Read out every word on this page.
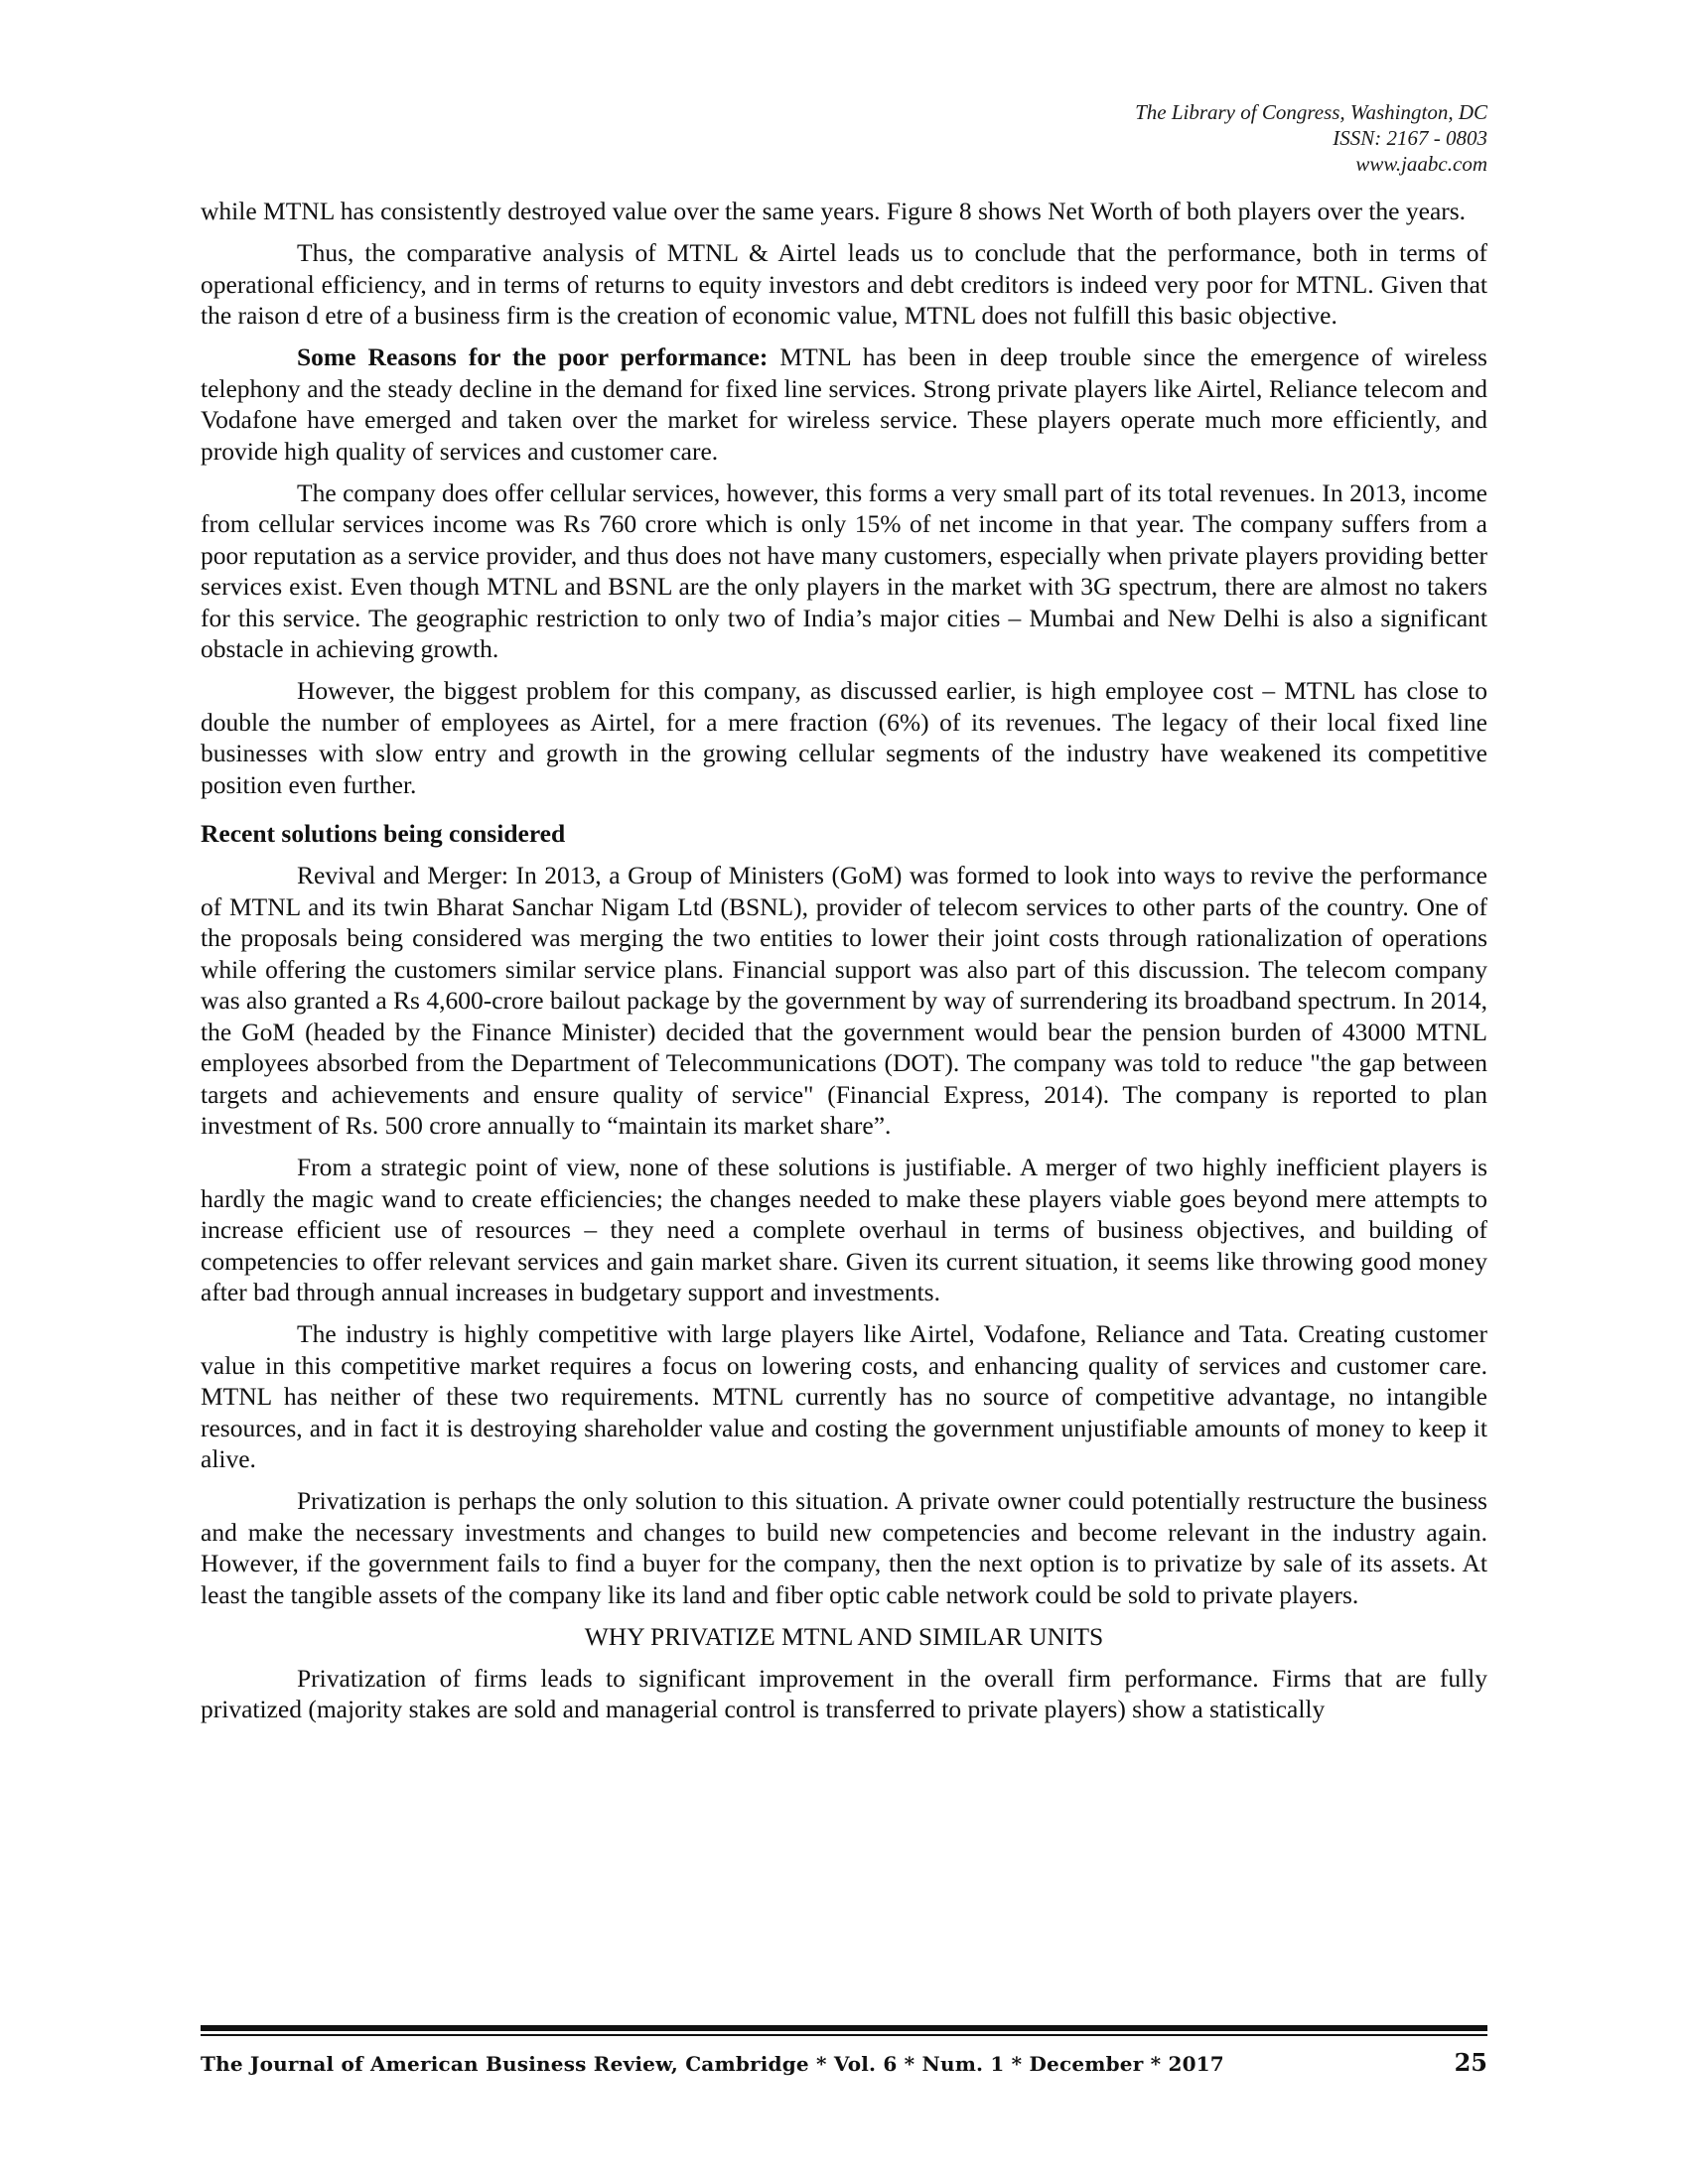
The Library of Congress, Washington, DC
ISSN: 2167 - 0803
www.jaabc.com

while MTNL has consistently destroyed value over the same years. Figure 8 shows Net Worth of both players over the years.

Thus, the comparative analysis of MTNL & Airtel leads us to conclude that the performance, both in terms of operational efficiency, and in terms of returns to equity investors and debt creditors is indeed very poor for MTNL. Given that the raison d etre of a business firm is the creation of economic value, MTNL does not fulfill this basic objective.

Some Reasons for the poor performance: MTNL has been in deep trouble since the emergence of wireless telephony and the steady decline in the demand for fixed line services. Strong private players like Airtel, Reliance telecom and Vodafone have emerged and taken over the market for wireless service. These players operate much more efficiently, and provide high quality of services and customer care.

The company does offer cellular services, however, this forms a very small part of its total revenues. In 2013, income from cellular services income was Rs 760 crore which is only 15% of net income in that year. The company suffers from a poor reputation as a service provider, and thus does not have many customers, especially when private players providing better services exist. Even though MTNL and BSNL are the only players in the market with 3G spectrum, there are almost no takers for this service. The geographic restriction to only two of India’s major cities – Mumbai and New Delhi is also a significant obstacle in achieving growth.

However, the biggest problem for this company, as discussed earlier, is high employee cost – MTNL has close to double the number of employees as Airtel, for a mere fraction (6%) of its revenues. The legacy of their local fixed line businesses with slow entry and growth in the growing cellular segments of the industry have weakened its competitive position even further.

Recent solutions being considered

Revival and Merger: In 2013, a Group of Ministers (GoM) was formed to look into ways to revive the performance of MTNL and its twin Bharat Sanchar Nigam Ltd (BSNL), provider of telecom services to other parts of the country. One of the proposals being considered was merging the two entities to lower their joint costs through rationalization of operations while offering the customers similar service plans. Financial support was also part of this discussion. The telecom company was also granted a Rs 4,600-crore bailout package by the government by way of surrendering its broadband spectrum. In 2014, the GoM (headed by the Finance Minister) decided that the government would bear the pension burden of 43000 MTNL employees absorbed from the Department of Telecommunications (DOT). The company was told to reduce "the gap between targets and achievements and ensure quality of service" (Financial Express, 2014). The company is reported to plan investment of Rs. 500 crore annually to “maintain its market share”.

From a strategic point of view, none of these solutions is justifiable. A merger of two highly inefficient players is hardly the magic wand to create efficiencies; the changes needed to make these players viable goes beyond mere attempts to increase efficient use of resources – they need a complete overhaul in terms of business objectives, and building of competencies to offer relevant services and gain market share. Given its current situation, it seems like throwing good money after bad through annual increases in budgetary support and investments.

The industry is highly competitive with large players like Airtel, Vodafone, Reliance and Tata. Creating customer value in this competitive market requires a focus on lowering costs, and enhancing quality of services and customer care. MTNL has neither of these two requirements. MTNL currently has no source of competitive advantage, no intangible resources, and in fact it is destroying shareholder value and costing the government unjustifiable amounts of money to keep it alive.

Privatization is perhaps the only solution to this situation. A private owner could potentially restructure the business and make the necessary investments and changes to build new competencies and become relevant in the industry again. However, if the government fails to find a buyer for the company, then the next option is to privatize by sale of its assets. At least the tangible assets of the company like its land and fiber optic cable network could be sold to private players.

WHY PRIVATIZE MTNL AND SIMILAR UNITS

Privatization of firms leads to significant improvement in the overall firm performance. Firms that are fully privatized (majority stakes are sold and managerial control is transferred to private players) show a statistically

The Journal of American Business Review, Cambridge * Vol. 6 * Num. 1 * December * 2017	25
